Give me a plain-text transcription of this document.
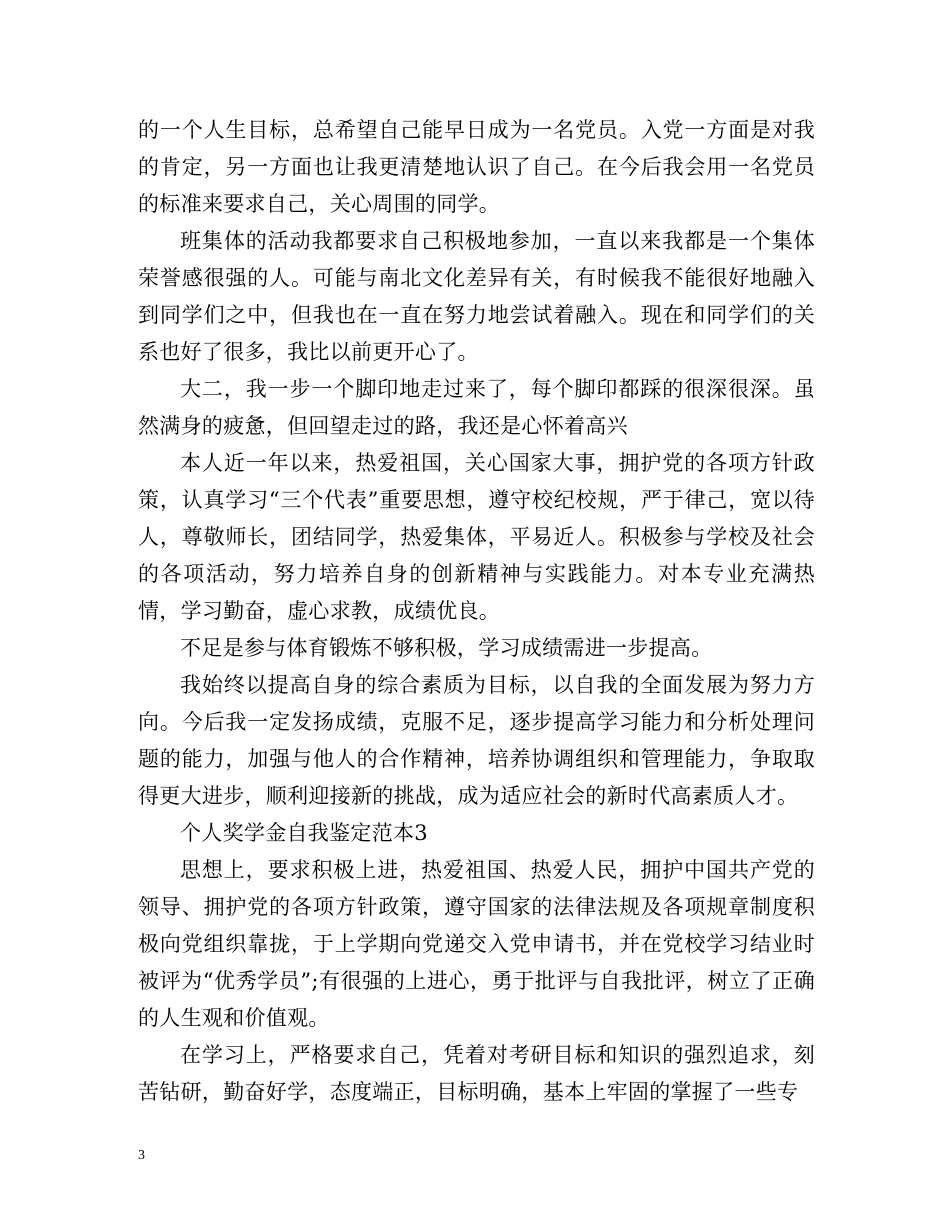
的一个人生目标，总希望自己能早日成为一名党员。入党一方面是对我的肯定，另一方面也让我更清楚地认识了自己。在今后我会用一名党员的标准来要求自己，关心周围的同学。

班集体的活动我都要求自己积极地参加，一直以来我都是一个集体荣誉感很强的人。可能与南北文化差异有关，有时候我不能很好地融入到同学们之中，但我也在一直在努力地尝试着融入。现在和同学们的关系也好了很多，我比以前更开心了。

大二，我一步一个脚印地走过来了，每个脚印都踩的很深很深。虽然满身的疲惫，但回望走过的路，我还是心怀着高兴

本人近一年以来，热爱祖国，关心国家大事，拥护党的各项方针政策，认真学习“三个代表”重要思想，遵守校纪校规，严于律己，宽以待人，尊敬师长，团结同学，热爱集体，平易近人。积极参与学校及社会的各项活动，努力培养自身的创新精神与实践能力。对本专业充满热情，学习勤奋，虚心求教，成绩优良。

不足是参与体育锻炼不够积极，学习成绩需进一步提高。

我始终以提高自身的综合素质为目标，以自我的全面发展为努力方向。今后我一定发扬成绩，克服不足，逐步提高学习能力和分析处理问题的能力，加强与他人的合作精神，培养协调组织和管理能力，争取取得更大进步，顺利迎接新的挑战，成为适应社会的新时代高素质人才。

个人奖学金自我鉴定范本3

思想上，要求积极上进，热爱祖国、热爱人民，拥护中国共产党的领导、拥护党的各项方针政策，遵守国家的法律法规及各项规章制度积极向党组织靠拢，于上学期向党递交入党申请书，并在党校学习结业时被评为“优秀学员”;有很强的上进心，勇于批评与自我批评，树立了正确的人生观和价值观。

在学习上，严格要求自己，凭着对考研目标和知识的强烈追求，刻苦钻研，勤奋好学，态度端正，目标明确，基本上牢固的掌握了一些专

3
